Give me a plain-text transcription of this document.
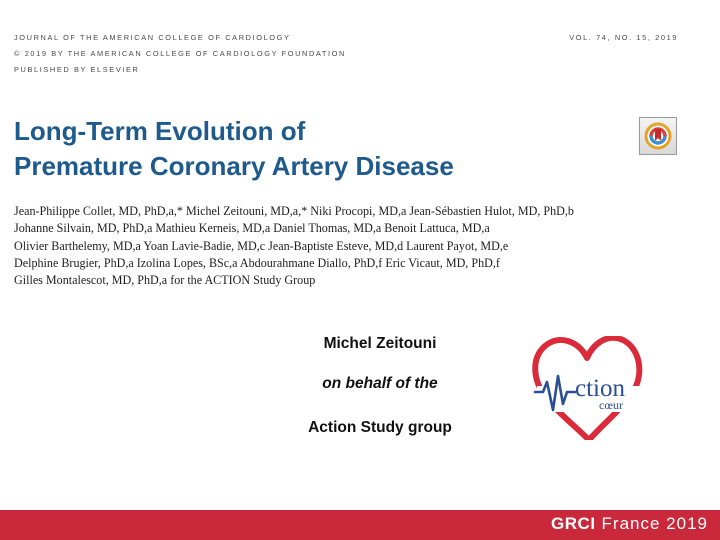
JOURNAL OF THE AMERICAN COLLEGE OF CARDIOLOGY
© 2019 BY THE AMERICAN COLLEGE OF CARDIOLOGY FOUNDATION
PUBLISHED BY ELSEVIER
VOL. 74, NO. 15, 2019
Long-Term Evolution of
Premature Coronary Artery Disease
Jean-Philippe Collet, MD, PhD,a,* Michel Zeitouni, MD,a,* Niki Procopi, MD,a Jean-Sébastien Hulot, MD, PhD,b
Johanne Silvain, MD, PhD,a Mathieu Kerneis, MD,a Daniel Thomas, MD,a Benoit Lattuca, MD,a
Olivier Barthelemy, MD,a Yoan Lavie-Badie, MD,c Jean-Baptiste Esteve, MD,d Laurent Payot, MD,e
Delphine Brugier, PhD,a Izolina Lopes, BSc,a Abdourahmane Diallo, PhD,f Eric Vicaut, MD, PhD,f
Gilles Montalescot, MD, PhD,a for the ACTION Study Group
Michel Zeitouni
on behalf of the
Action Study group
ction
cœur
GRCI France 2019
